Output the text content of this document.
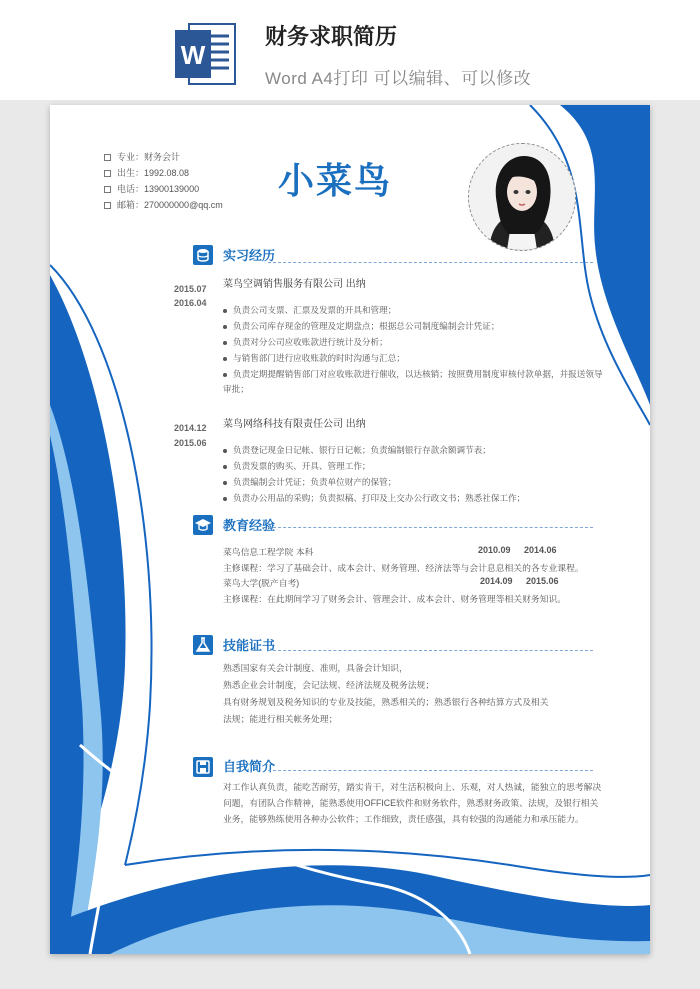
W
财务求职简历
Word A4打印 可以编辑、可以修改
专业：财务会计
出生：1992.08.08
电话：13900139000
邮箱：270000000@qq.cm
小菜鸟
实习经历
2015.07
2016.04
菜鸟空调销售服务有限公司 出纳
负责公司支票、汇票及发票的开具和管理；
负责公司库存现金的管理及定期盘点；根据总公司制度编制会计凭证；
负责对分公司应收账款进行统计及分析；
与销售部门进行应收账款的时时沟通与汇总；
负责定期提醒销售部门对应收账款进行催收，以达核销；按照费用制度审核付款单据，并报送领导审批；
2014.12
2015.06
菜鸟网络科技有限责任公司 出纳
负责登记现金日记帐、银行日记帐；负责编制银行存款余额调节表；
负责发票的购买、开具、管理工作；
负责编制会计凭证；负责单位财产的保管；
负责办公用品的采购；负责拟稿、打印及上交办公行政文书；熟悉社保工作；
教育经验
菜鸟信息工程学院 本科	2010.09 2014.06
主修课程：学习了基础会计、成本会计、财务管理、经济法等与会计息息相关的各专业课程。
菜鸟大学(脱产自考)	2014.09 2015.06
主修课程：在此期间学习了财务会计、管理会计、成本会计、财务管理等相关财务知识。
技能证书
熟悉国家有关会计制度、准则，具备会计知识，
熟悉企业会计制度，会记法规、经济法规及税务法规；
具有财务规划及税务知识的专业及技能，熟悉相关的；熟悉银行各种结算方式及相关
法规；能进行相关帐务处理；
自我简介
对工作认真负责，能吃苦耐劳，踏实肯干，对生活积极向上、乐观，对人热诚，能独立的思考解决问题，有团队合作精神，能熟悉使用OFFICE软件和财务软件，熟悉财务政策、法规，及银行相关业务，能够熟练使用各种办公软件；工作细致，责任感强，具有较强的沟通能力和承压能力。
